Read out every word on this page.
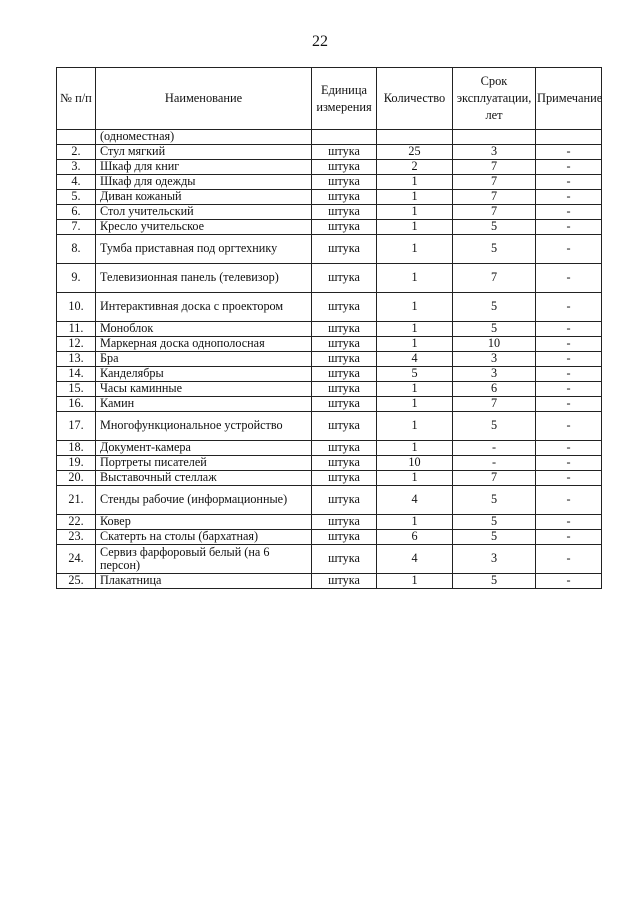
22
№ п/п	Наименование	Единица измерения	Количество	Срок эксплуатации, лет	Примечание
	(одноместная)				
2.	Стул мягкий	штука	25	3	-
3.	Шкаф для книг	штука	2	7	-
4.	Шкаф для одежды	штука	1	7	-
5.	Диван кожаный	штука	1	7	-
6.	Стол учительский	штука	1	7	-
7.	Кресло учительское	штука	1	5	-
8.	Тумба приставная под оргтехнику	штука	1	5	-
9.	Телевизионная панель (телевизор)	штука	1	7	-
10.	Интерактивная доска с проектором	штука	1	5	-
11.	Моноблок	штука	1	5	-
12.	Маркерная доска однополосная	штука	1	10	-
13.	Бра	штука	4	3	-
14.	Канделябры	штука	5	3	-
15.	Часы каминные	штука	1	6	-
16.	Камин	штука	1	7	-
17.	Многофункциональное устройство	штука	1	5	-
18.	Документ-камера	штука	1	-	-
19.	Портреты писателей	штука	10	-	-
20.	Выставочный стеллаж	штука	1	7	-
21.	Стенды рабочие (информационные)	штука	4	5	-
22.	Ковер	штука	1	5	-
23.	Скатерть на столы (бархатная)	штука	6	5	-
24.	Сервиз фарфоровый белый (на 6 персон)	штука	4	3	-
25.	Плакатница	штука	1	5	-
